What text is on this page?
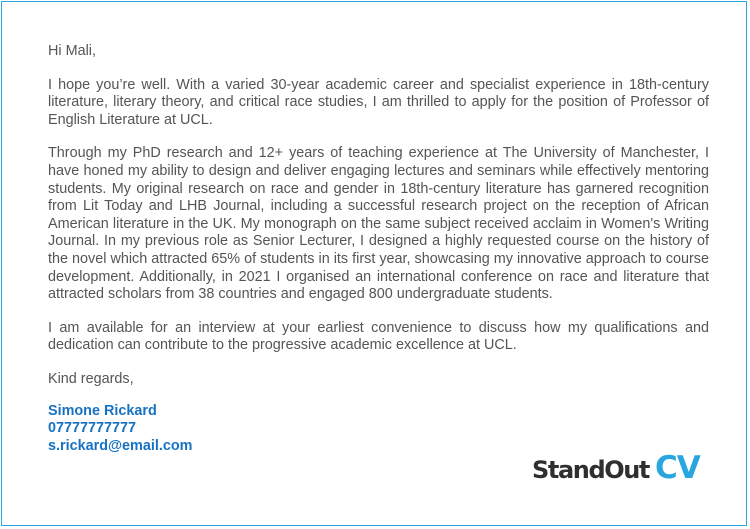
Hi Mali,

I hope you’re well. With a varied 30-year academic career and specialist experience in 18th-century literature, literary theory, and critical race studies, I am thrilled to apply for the position of Professor of English Literature at UCL.

Through my PhD research and 12+ years of teaching experience at The University of Manchester, I have honed my ability to design and deliver engaging lectures and seminars while effectively mentoring students. My original research on race and gender in 18th-century literature has garnered recognition from Lit Today and LHB Journal, including a successful research project on the reception of African American literature in the UK. My monograph on the same subject received acclaim in Women's Writing Journal. In my previous role as Senior Lecturer, I designed a highly requested course on the history of the novel which attracted 65% of students in its first year, showcasing my innovative approach to course development. Additionally, in 2021 I organised an international conference on race and literature that attracted scholars from 38 countries and engaged 800 undergraduate students.

I am available for an interview at your earliest convenience to discuss how my qualifications and dedication can contribute to the progressive academic excellence at UCL.

Kind regards,

Simone Rickard

07777777777

s.rickard@email.com

StandOut CV
